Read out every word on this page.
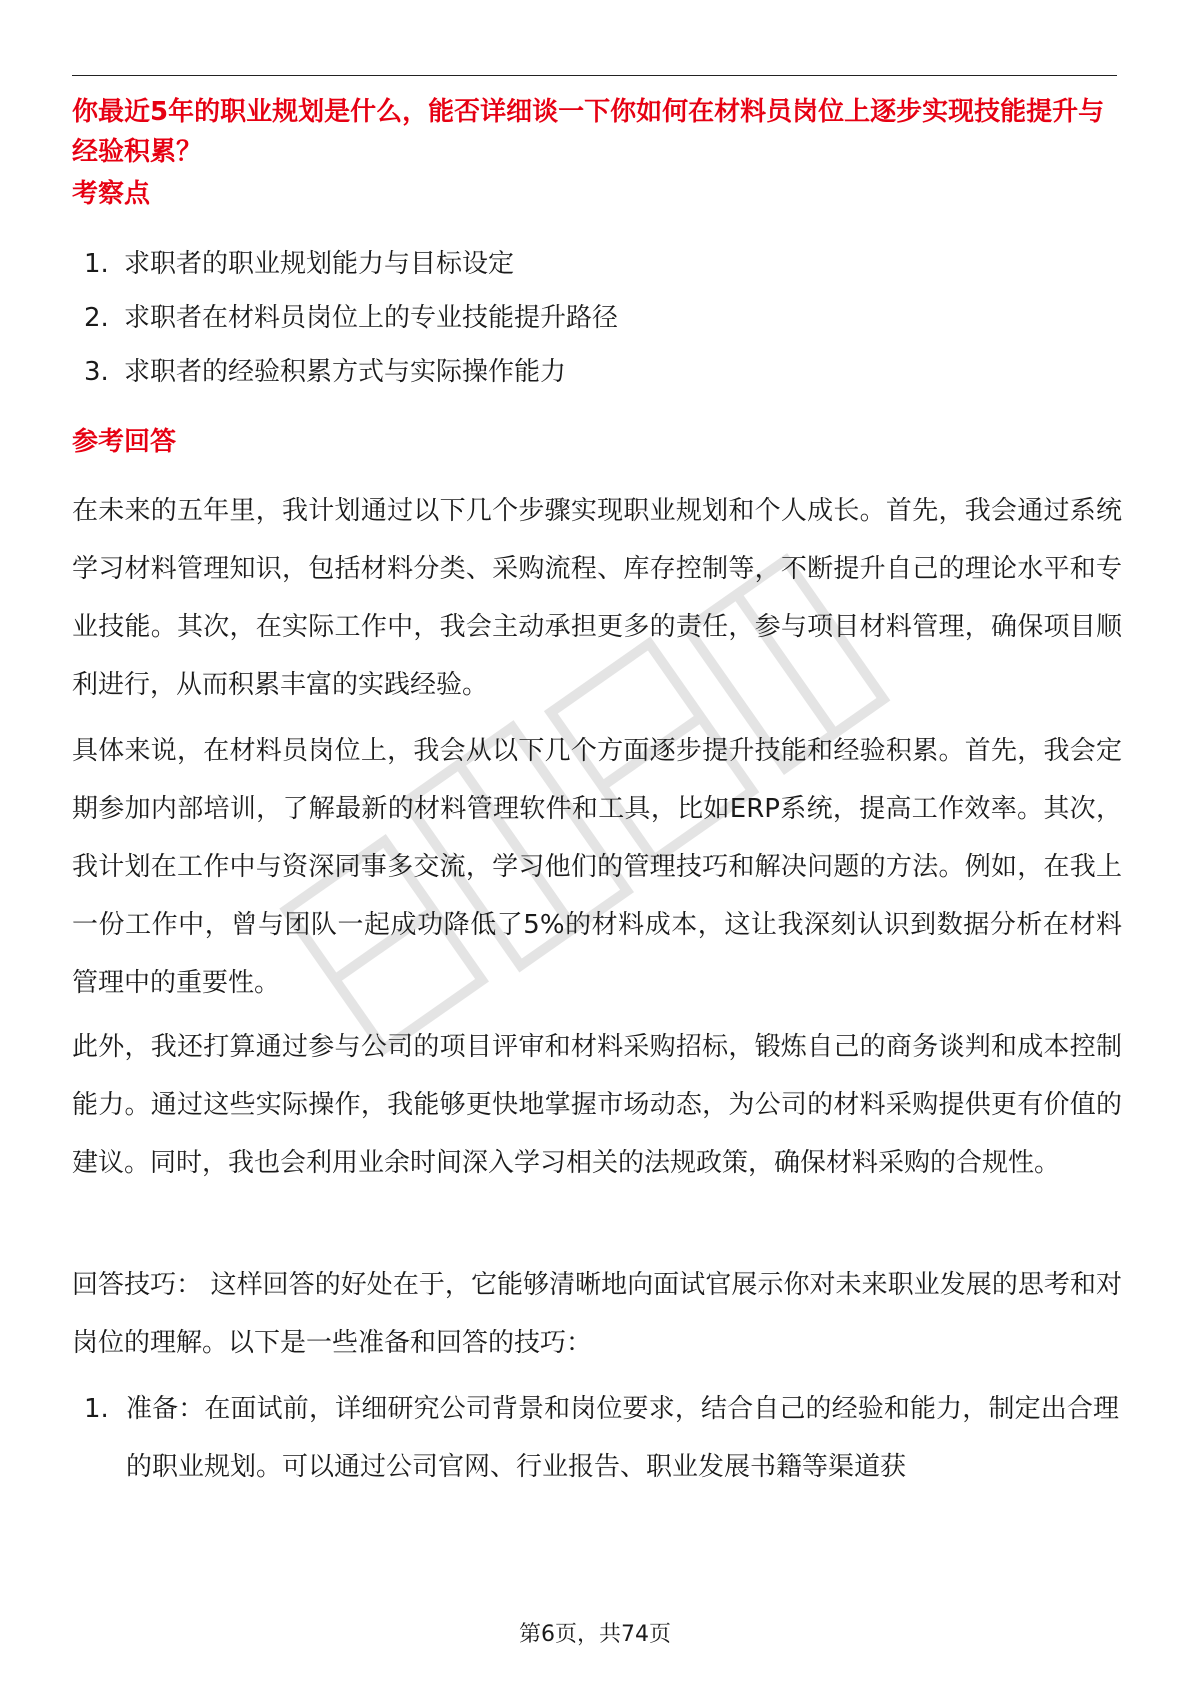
你最近5年的职业规划是什么，能否详细谈一下你如何在材料员岗位上逐步实现技能提升与经验积累？
考察点
1. 求职者的职业规划能力与目标设定
2. 求职者在材料员岗位上的专业技能提升路径
3. 求职者的经验积累方式与实际操作能力
参考回答
在未来的五年里，我计划通过以下几个步骤实现职业规划和个人成长。首先，我会通过系统学习材料管理知识，包括材料分类、采购流程、库存控制等，不断提升自己的理论水平和专业技能。其次，在实际工作中，我会主动承担更多的责任，参与项目材料管理，确保项目顺利进行，从而积累丰富的实践经验。
具体来说，在材料员岗位上，我会从以下几个方面逐步提升技能和经验积累。首先，我会定期参加内部培训，了解最新的材料管理软件和工具，比如ERP系统，提高工作效率。其次，我计划在工作中与资深同事多交流，学习他们的管理技巧和解决问题的方法。例如，在我上一份工作中，曾与团队一起成功降低了5%的材料成本，这让我深刻认识到数据分析在材料管理中的重要性。
此外，我还打算通过参与公司的项目评审和材料采购招标，锻炼自己的商务谈判和成本控制能力。通过这些实际操作，我能够更快地掌握市场动态，为公司的材料采购提供更有价值的建议。同时，我也会利用业余时间深入学习相关的法规政策，确保材料采购的合规性。
回答技巧： 这样回答的好处在于，它能够清晰地向面试官展示你对未来职业发展的思考和对岗位的理解。以下是一些准备和回答的技巧：
1. 准备：在面试前，详细研究公司背景和岗位要求，结合自己的经验和能力，制定出合理的职业规划。可以通过公司官网、行业报告、职业发展书籍等渠道获
第6页，共74页
